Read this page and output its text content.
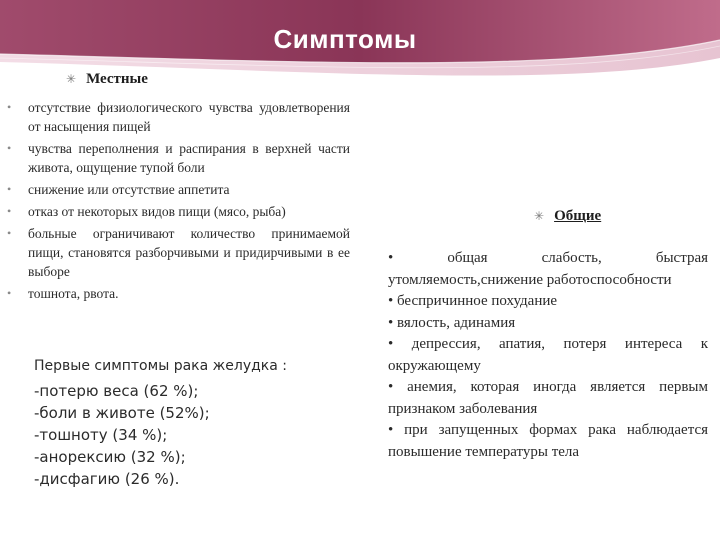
Симптомы
✳ Местные
• отсутствие физиологического чувства удовлетворения от насыщения пищей
• чувства переполнения и распирания в верхней части живота, ощущение тупой боли
• снижение или отсутствие аппетита
• отказ от некоторых видов пищи (мясо, рыба)
• больные ограничивают количество принимаемой пищи, становятся разборчивыми и придирчивыми в ее выборе
• тошнота, рвота.
Первые симптомы рака желудка :
-потерю веса (62 %);
-боли в животе (52%);
-тошноту (34 %);
-анорексию (32 %);
-дисфагию (26 %).
✳ Общие
• общая слабость, быстрая утомляемость,снижение работоспособности
• беспричинное похудание
• вялость, адинамия
• депрессия, апатия, потеря интереса к окружающему
• анемия, которая иногда является первым признаком заболевания
• при запущенных формах рака наблюдается повышение температуры тела
